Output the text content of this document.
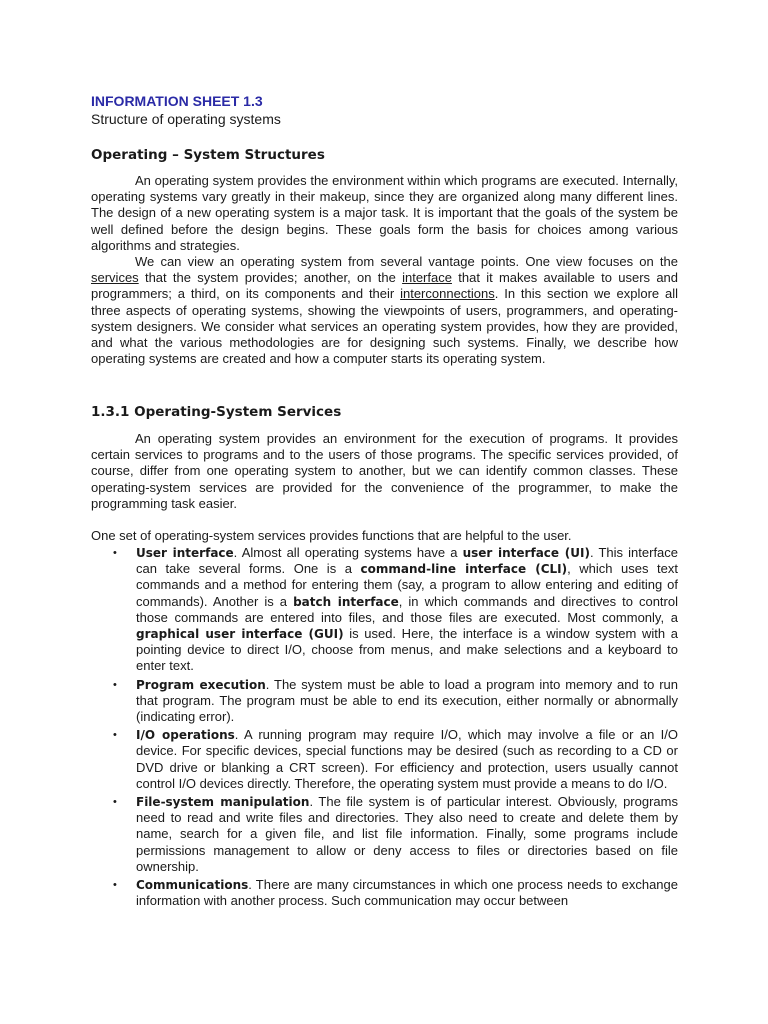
INFORMATION SHEET 1.3
Structure of operating systems
Operating – System Structures
An operating system provides the environment within which programs are executed. Internally, operating systems vary greatly in their makeup, since they are organized along many different lines. The design of a new operating system is a major task. It is important that the goals of the system be well defined before the design begins. These goals form the basis for choices among various algorithms and strategies.
We can view an operating system from several vantage points. One view focuses on the services that the system provides; another, on the interface that it makes available to users and programmers; a third, on its components and their interconnections. In this section we explore all three aspects of operating systems, showing the viewpoints of users, programmers, and operating-system designers. We consider what services an operating system provides, how they are provided, and what the various methodologies are for designing such systems. Finally, we describe how operating systems are created and how a computer starts its operating system.
1.3.1 Operating-System Services
An operating system provides an environment for the execution of programs. It provides certain services to programs and to the users of those programs. The specific services provided, of course, differ from one operating system to another, but we can identify common classes. These operating-system services are provided for the convenience of the programmer, to make the programming task easier.
One set of operating-system services provides functions that are helpful to the user.
• User interface. Almost all operating systems have a user interface (UI). This interface can take several forms. One is a command-line interface (CLI), which uses text commands and a method for entering them (say, a program to allow entering and editing of commands). Another is a batch interface, in which commands and directives to control those commands are entered into files, and those files are executed. Most commonly, a graphical user interface (GUI) is used. Here, the interface is a window system with a pointing device to direct I/O, choose from menus, and make selections and a keyboard to enter text.
• Program execution. The system must be able to load a program into memory and to run that program. The program must be able to end its execution, either normally or abnormally (indicating error).
• I/O operations. A running program may require I/O, which may involve a file or an I/O device. For specific devices, special functions may be desired (such as recording to a CD or DVD drive or blanking a CRT screen). For efficiency and protection, users usually cannot control I/O devices directly. Therefore, the operating system must provide a means to do I/O.
• File-system manipulation. The file system is of particular interest. Obviously, programs need to read and write files and directories. They also need to create and delete them by name, search for a given file, and list file information. Finally, some programs include permissions management to allow or deny access to files or directories based on file ownership.
• Communications. There are many circumstances in which one process needs to exchange information with another process. Such communication may occur between
